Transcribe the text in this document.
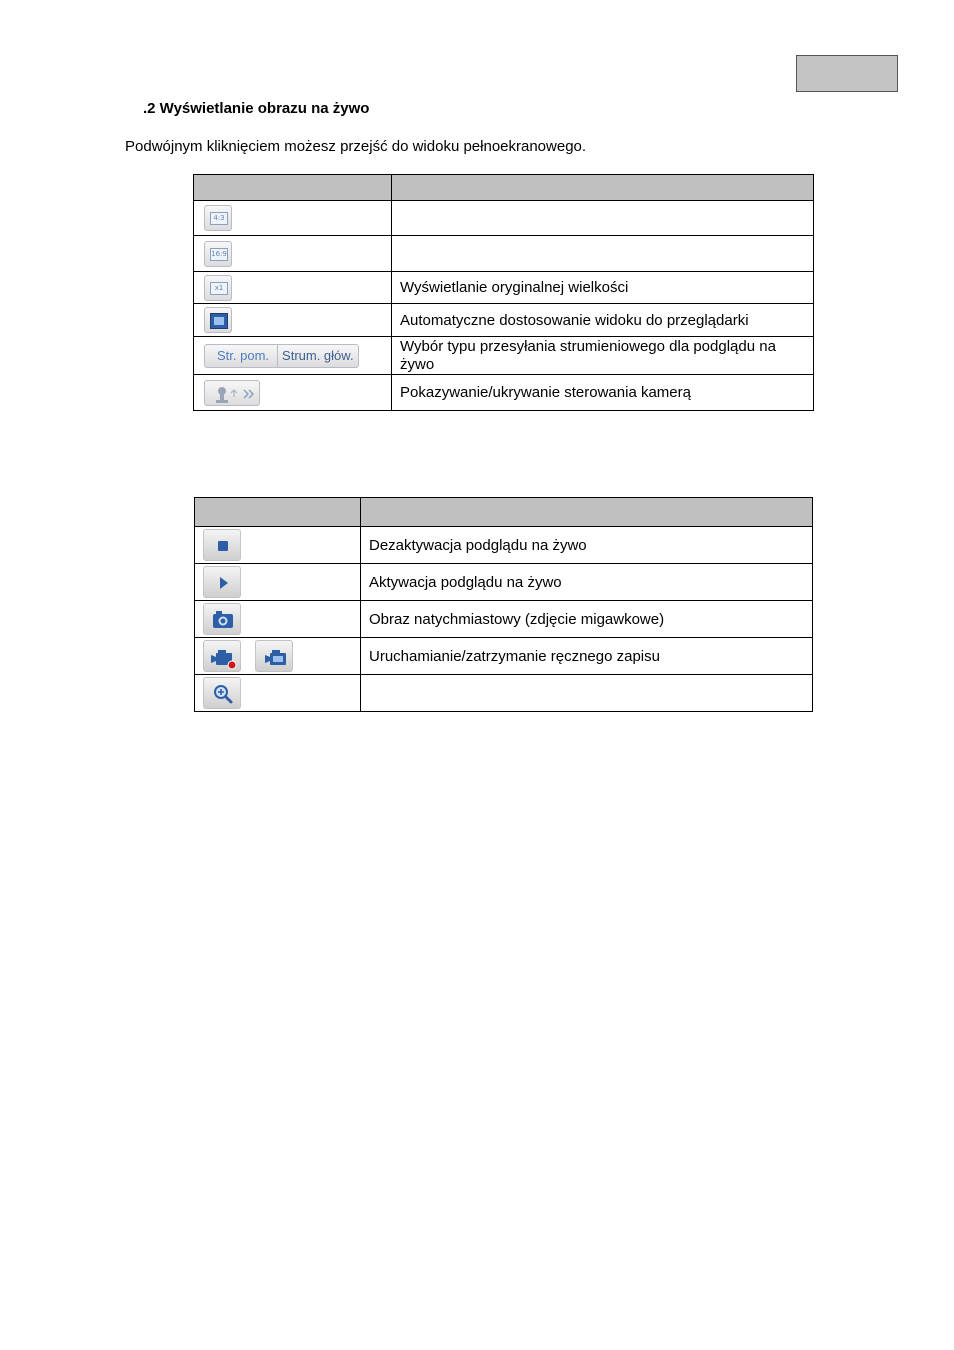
.2 Wyświetlanie obrazu na żywo
Podwójnym kliknięciem możesz przejść do widoku pełnoekranowego.

4:3	

16:9	

x1	Wyświetlanie oryginalnej wielkości

	Automatyczne dostosowanie widoku do przeglądarki

Str. pom. Strum. głów.	Wybór typu przesyłania strumieniowego dla podglądu na żywo

	Pokazywanie/ukrywanie sterowania kamerą

	Dezaktywacja podglądu na żywo

	Aktywacja podglądu na żywo

	Obraz natychmiastowy (zdjęcie migawkowe)

	Uruchamianie/zatrzymanie ręcznego zapisu
